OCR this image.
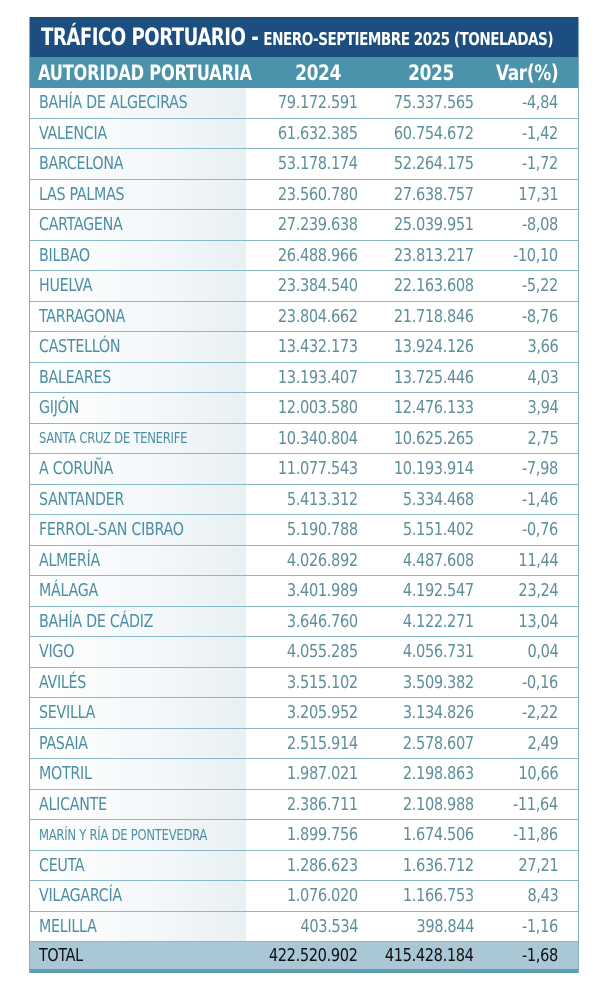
TRÁFICO PORTUARIO - ENERO-SEPTIEMBRE 2025 (TONELADAS)
AUTORIDAD PORTUARIA 2024	2025 Var(%)
BAHÍA DE ALGECIRAS	79.172.591 75.337.565	-4,84
VALENCIA	61.632.385 60.754.672	-1,42
BARCELONA	53.178.174 52.264.175	-1,72
LAS PALMAS	23.560.780 27.638.757 17,31
CARTAGENA	27.239.638 25.039.951	-8,08
BILBAO	26.488.966 23.813.217 -10,10
HUELVA	23.384.540 22.163.608	-5,22
TARRAGONA	23.804.662 21.718.846	-8,76
CASTELLÓN	13.432.173 13.924.126	3,66
BALEARES	13.193.407 13.725.446	4,03
GIJÓN	12.003.580 12.476.133	3,94
SANTA CRUZ DE TENERIFE	10.340.804 10.625.265	2,75
A CORUÑA	11.077.543 10.193.914	-7,98
SANTANDER	5.413.312	5.334.468	-1,46
FERROL-SAN CIBRAO	5.190.788	5.151.402	-0,76
ALMERÍA	4.026.892	4.487.608 11,44
MÁLAGA	3.401.989	4.192.547 23,24
BAHÍA DE CÁDIZ	3.646.760	4.122.271 13,04
VIGO	4.055.285	4.056.731	0,04
AVILÉS	3.515.102	3.509.382	-0,16
SEVILLA	3.205.952	3.134.826	-2,22
PASAIA	2.515.914	2.578.607	2,49
MOTRIL	1.987.021	2.198.863 10,66
ALICANTE	2.386.711	2.108.988 -11,64
MARÍN Y RÍA DE PONTEVEDRA	1.899.756	1.674.506 -11,86
CEUTA	1.286.623	1.636.712 27,21
VILAGARCÍA	1.076.020	1.166.753	8,43
MELILLA	403.534	398.844	-1,16
TOTAL	422.520.902 415.428.184	-1,68
